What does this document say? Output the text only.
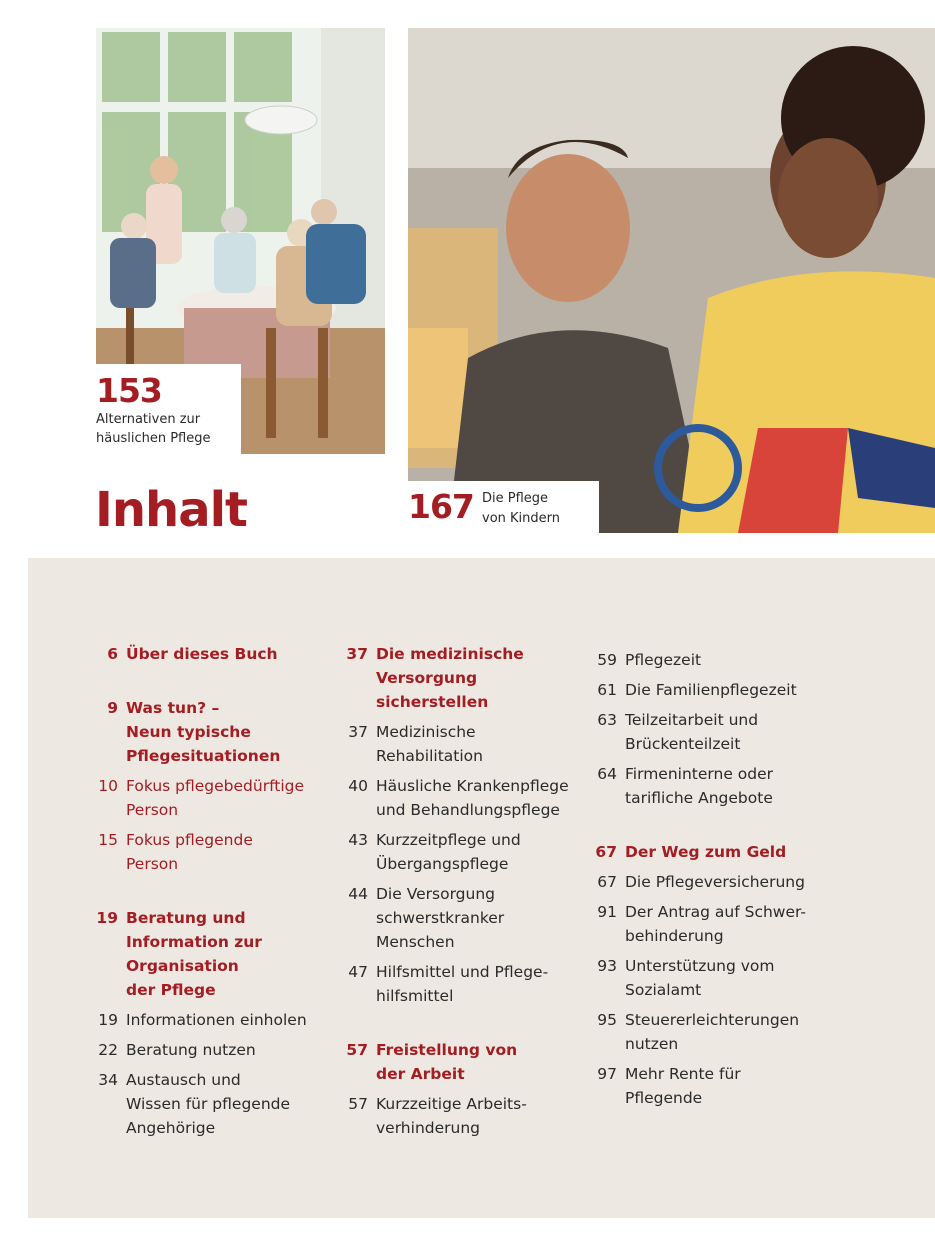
153
Alternativen zur
häuslichen Pflege
167 Die Pflege
von Kindern
Inhalt
6 Über dieses Buch
9 Was tun? –
Neun typische
Pflegesituationen
10 Fokus pflegebedürftige
Person
15 Fokus pflegende
Person
19 Beratung und
Information zur
Organisation
der Pflege
19 Informationen einholen
22 Beratung nutzen
34 Austausch und
Wissen für pflegende
Angehörige
37 Die medizinische
Versorgung
sicherstellen
37 Medizinische
Rehabilitation
40 Häusliche Krankenpflege
und Behandlungspflege
43 Kurzzeitpflege und
Übergangspflege
44 Die Versorgung
schwerstkranker
Menschen
47 Hilfsmittel und Pflege-
hilfsmittel
57 Freistellung von
der Arbeit
57 Kurzzeitige Arbeits-
verhinderung
59 Pflegezeit
61 Die Familienpflegezeit
63 Teilzeitarbeit und
Brückenteilzeit
64 Firmeninterne oder
tarifliche Angebote
67 Der Weg zum Geld
67 Die Pflegeversicherung
91 Der Antrag auf Schwer-
behinderung
93 Unterstützung vom
Sozialamt
95 Steuererleichterungen
nutzen
97 Mehr Rente für
Pflegende
